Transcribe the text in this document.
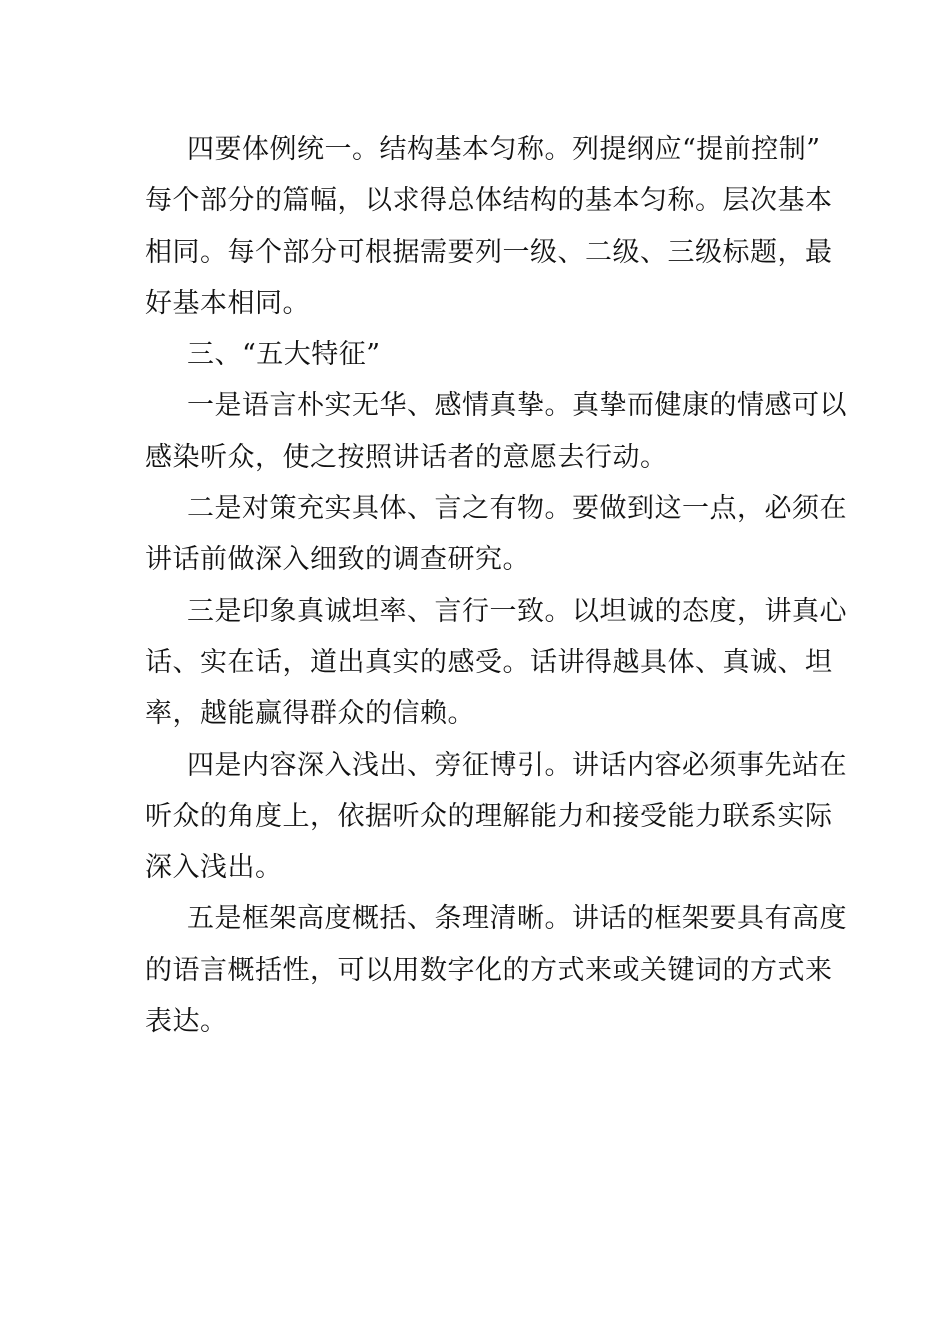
四要体例统一。结构基本匀称。列提纲应“提前控制”
每个部分的篇幅，以求得总体结构的基本匀称。层次基本
相同。每个部分可根据需要列一级、二级、三级标题，最
好基本相同。

三、“五大特征”

一是语言朴实无华、感情真挚。真挚而健康的情感可以
感染听众，使之按照讲话者的意愿去行动。

二是对策充实具体、言之有物。要做到这一点，必须在
讲话前做深入细致的调查研究。

三是印象真诚坦率、言行一致。以坦诚的态度，讲真心
话、实在话，道出真实的感受。话讲得越具体、真诚、坦
率，越能赢得群众的信赖。

四是内容深入浅出、旁征博引。讲话内容必须事先站在
听众的角度上，依据听众的理解能力和接受能力联系实际
深入浅出。

五是框架高度概括、条理清晰。讲话的框架要具有高度
的语言概括性，可以用数字化的方式来或关键词的方式来
表达。
